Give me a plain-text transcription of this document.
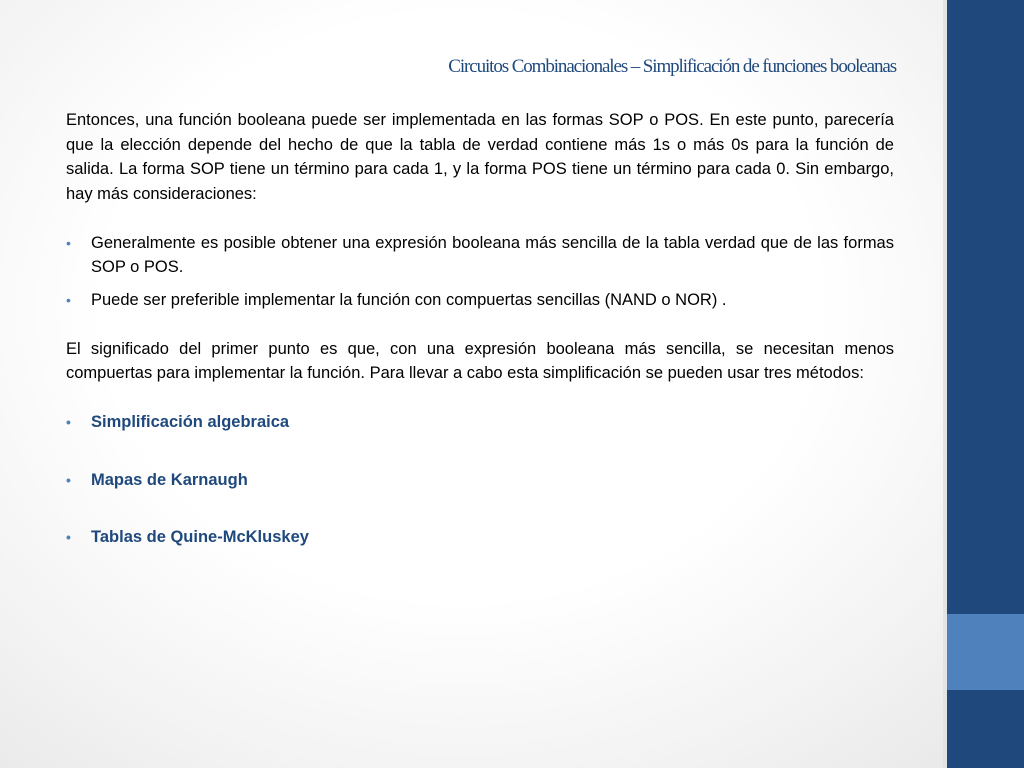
Circuitos Combinacionales – Simplificación de funciones booleanas

Entonces, una función booleana puede ser implementada en las formas SOP o POS. En este punto, parecería que la elección depende del hecho de que la tabla de verdad contiene más 1s o más 0s para la función de salida. La forma SOP tiene un término para cada 1, y la forma POS tiene un término para cada 0. Sin embargo, hay más consideraciones:

• Generalmente es posible obtener una expresión booleana más sencilla de la tabla verdad que de las formas SOP o POS.

• Puede ser preferible implementar la función con compuertas sencillas (NAND o NOR) .

El significado del primer punto es que, con una expresión booleana más sencilla, se necesitan menos compuertas para implementar la función. Para llevar a cabo esta simplificación se pueden usar tres métodos:

• Simplificación algebraica

• Mapas de Karnaugh

• Tablas de Quine-McKluskey
